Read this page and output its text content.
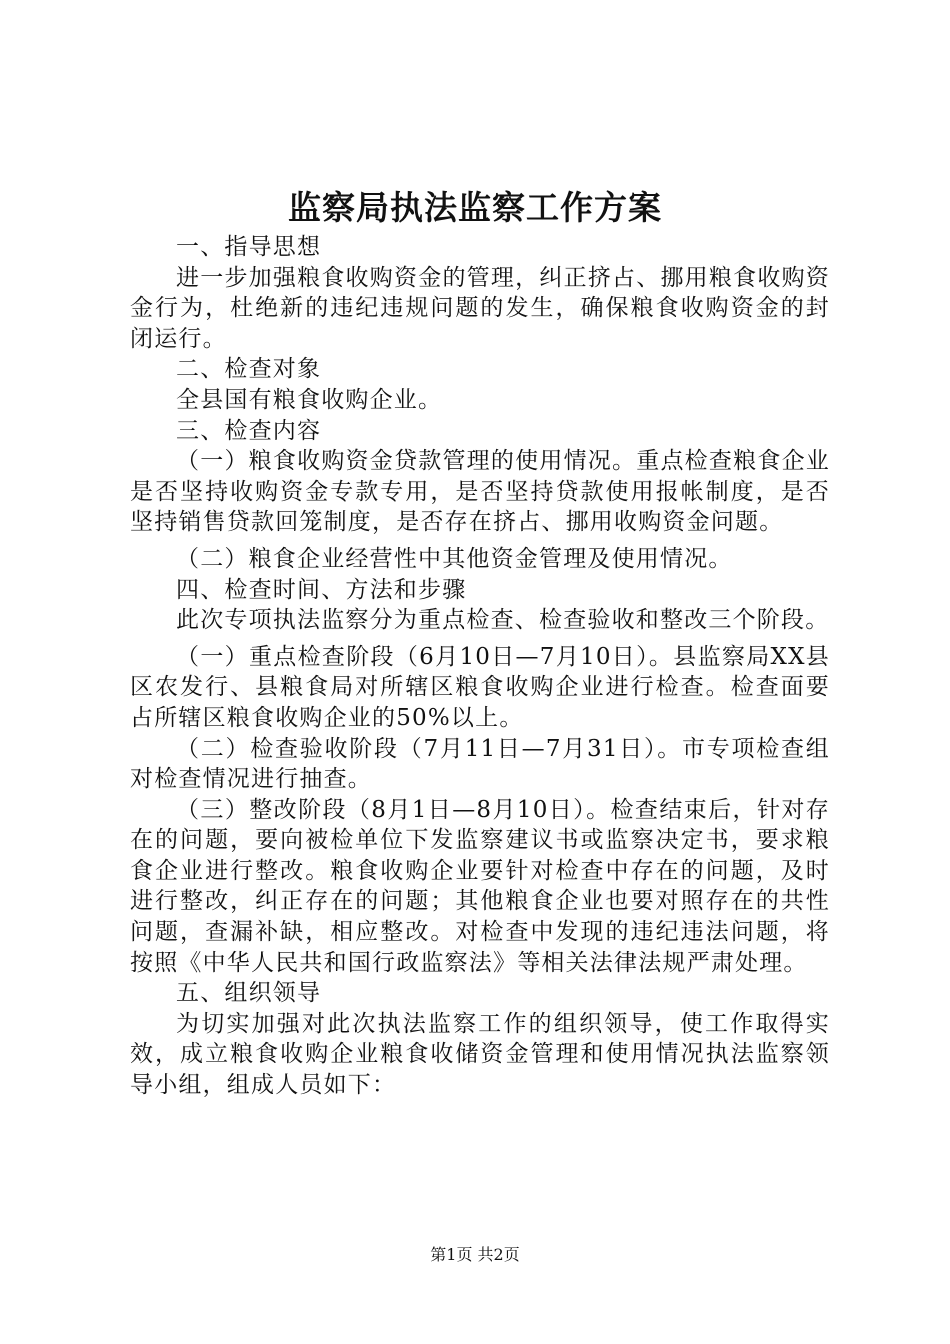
监察局执法监察工作方案

一、指导思想

进一步加强粮食收购资金的管理，纠正挤占、挪用粮食收购资金行为，杜绝新的违纪违规问题的发生，确保粮食收购资金的封闭运行。

二、检查对象

全县国有粮食收购企业。

三、检查内容

（一）粮食收购资金贷款管理的使用情况。重点检查粮食企业是否坚持收购资金专款专用，是否坚持贷款使用报帐制度，是否坚持销售贷款回笼制度，是否存在挤占、挪用收购资金问题。

（二）粮食企业经营性中其他资金管理及使用情况。

四、检查时间、方法和步骤

此次专项执法监察分为重点检查、检查验收和整改三个阶段。

（一）重点检查阶段（6月10日—7月10日）。县监察局XX县区农发行、县粮食局对所辖区粮食收购企业进行检查。检查面要占所辖区粮食收购企业的50%以上。

（二）检查验收阶段（7月11日—7月31日）。市专项检查组对检查情况进行抽查。

（三）整改阶段（8月1日—8月10日）。检查结束后，针对存在的问题，要向被检单位下发监察建议书或监察决定书，要求粮食企业进行整改。粮食收购企业要针对检查中存在的问题，及时进行整改，纠正存在的问题；其他粮食企业也要对照存在的共性问题，查漏补缺，相应整改。对检查中发现的违纪违法问题，将按照《中华人民共和国行政监察法》等相关法律法规严肃处理。

五、组织领导

为切实加强对此次执法监察工作的组织领导，使工作取得实效，成立粮食收购企业粮食收储资金管理和使用情况执法监察领导小组，组成人员如下：

第1页 共2页
